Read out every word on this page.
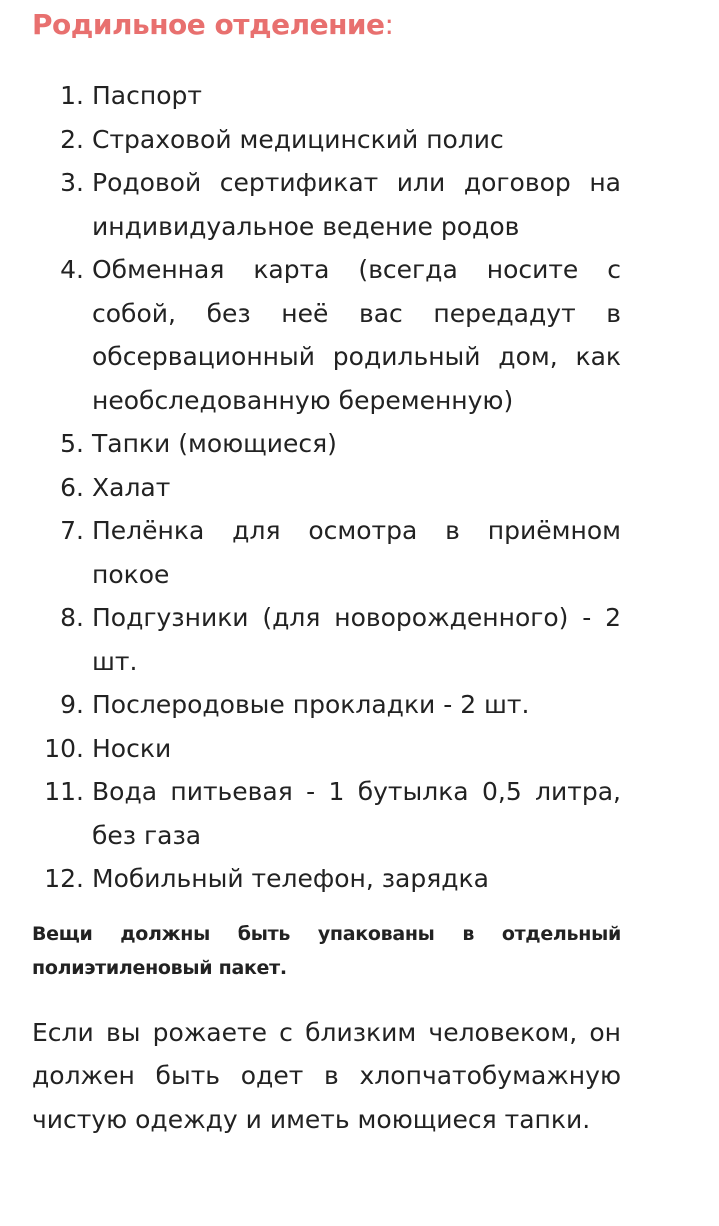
Родильное отделение:
1. Паспорт
2. Страховой медицинский полис
3. Родовой сертификат или договор на индивидуальное ведение родов
4. Обменная карта (всегда носите с собой, без неё вас передадут в обсервационный родильный дом, как необследованную беременную)
5. Тапки (моющиеся)
6. Халат
7. Пелёнка для осмотра в приёмном покое
8. Подгузники (для новорожденного) - 2 шт.
9. Послеродовые прокладки - 2 шт.
10. Носки
11. Вода питьевая - 1 бутылка 0,5 литра, без газа
12. Мобильный телефон, зарядка

Вещи должны быть упакованы в отдельный полиэтиленовый пакет.

Если вы рожаете с близким человеком, он должен быть одет в хлопчатобумажную чистую одежду и иметь моющиеся тапки.
